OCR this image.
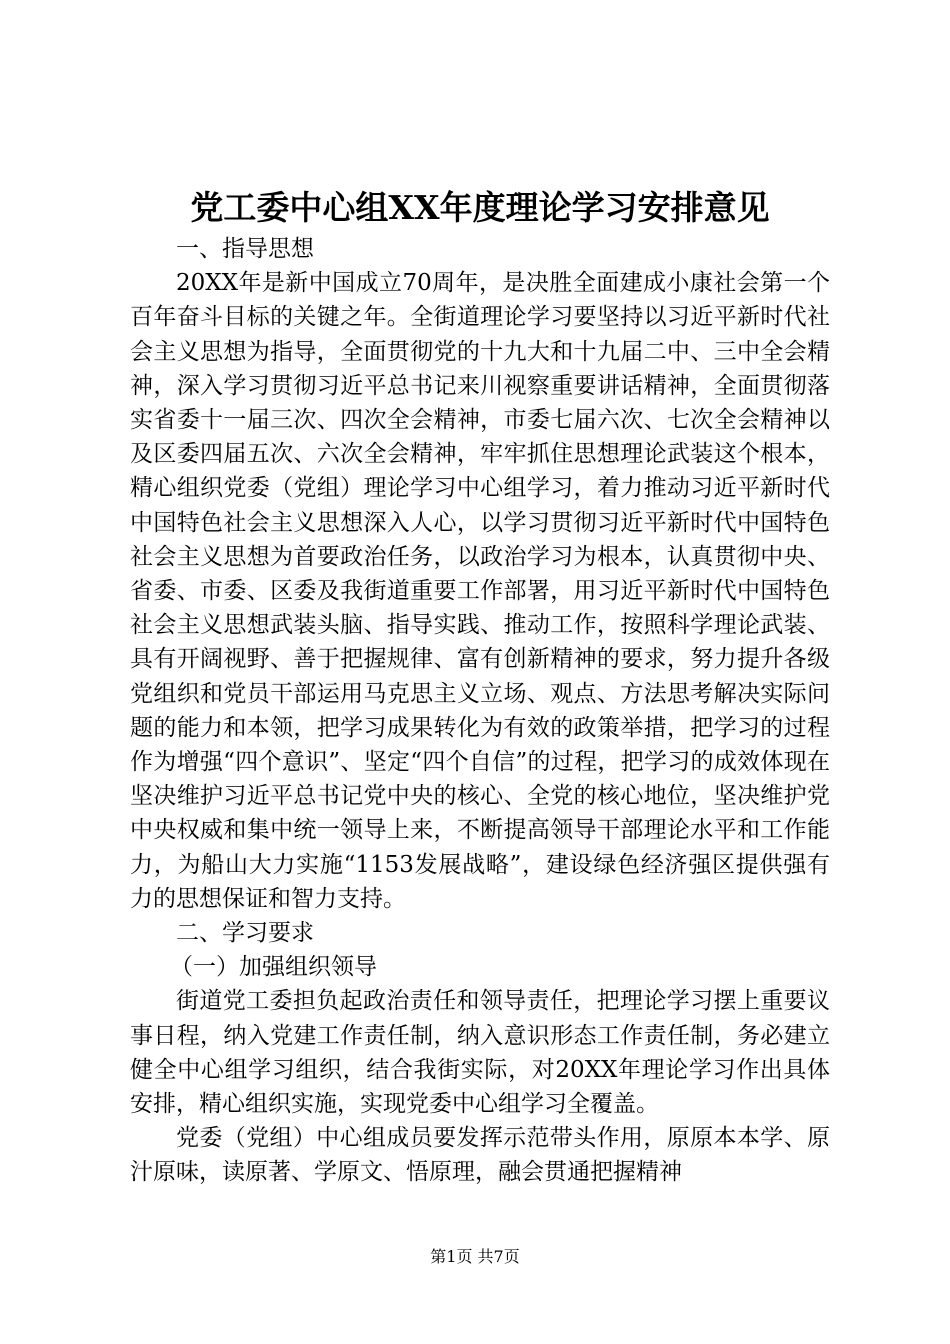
党工委中心组XX年度理论学习安排意见

一、指导思想

20XX年是新中国成立70周年，是决胜全面建成小康社会第一个百年奋斗目标的关键之年。全街道理论学习要坚持以习近平新时代社会主义思想为指导，全面贯彻党的十九大和十九届二中、三中全会精神，深入学习贯彻习近平总书记来川视察重要讲话精神，全面贯彻落实省委十一届三次、四次全会精神，市委七届六次、七次全会精神以及区委四届五次、六次全会精神，牢牢抓住思想理论武装这个根本，精心组织党委（党组）理论学习中心组学习，着力推动习近平新时代中国特色社会主义思想深入人心，以学习贯彻习近平新时代中国特色社会主义思想为首要政治任务，以政治学习为根本，认真贯彻中央、省委、市委、区委及我街道重要工作部署，用习近平新时代中国特色社会主义思想武装头脑、指导实践、推动工作，按照科学理论武装、具有开阔视野、善于把握规律、富有创新精神的要求，努力提升各级党组织和党员干部运用马克思主义立场、观点、方法思考解决实际问题的能力和本领，把学习成果转化为有效的政策举措，把学习的过程作为增强“四个意识”、坚定“四个自信”的过程，把学习的成效体现在坚决维护习近平总书记党中央的核心、全党的核心地位，坚决维护党中央权威和集中统一领导上来，不断提高领导干部理论水平和工作能力，为船山大力实施“1153发展战略”，建设绿色经济强区提供强有力的思想保证和智力支持。

二、学习要求

（一）加强组织领导

街道党工委担负起政治责任和领导责任，把理论学习摆上重要议事日程，纳入党建工作责任制，纳入意识形态工作责任制，务必建立健全中心组学习组织，结合我街实际，对20XX年理论学习作出具体安排，精心组织实施，实现党委中心组学习全覆盖。

党委（党组）中心组成员要发挥示范带头作用，原原本本学、原汁原味，读原著、学原文、悟原理，融会贯通把握精神

第1页 共7页
